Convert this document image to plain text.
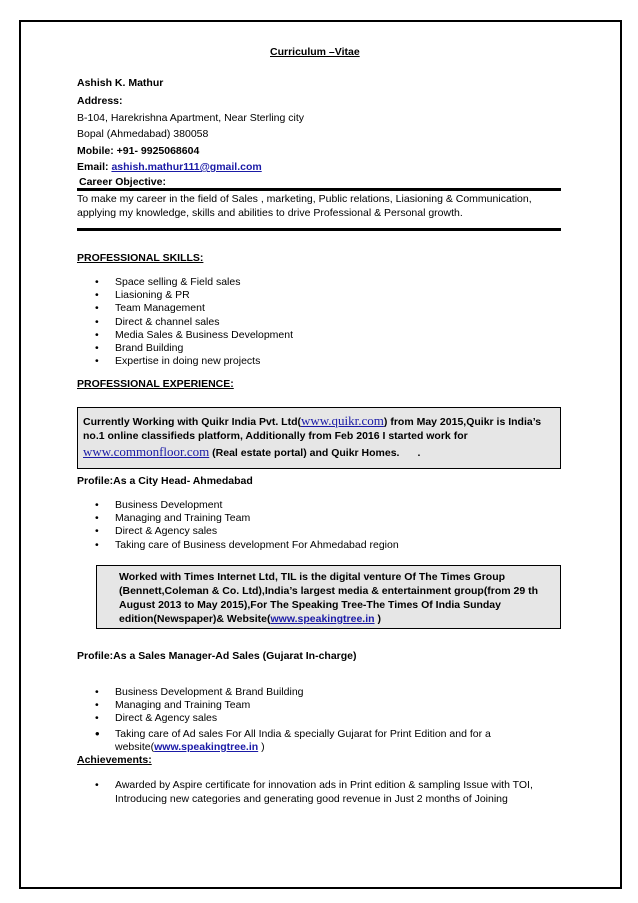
Curriculum –Vitae
Ashish K. Mathur
Address:
B-104, Harekrishna Apartment, Near Sterling city
Bopal (Ahmedabad) 380058
Mobile: +91- 9925068604
Email: ashish.mathur111@gmail.com
Career Objective:
To make my career in the field of Sales , marketing, Public relations, Liasioning & Communication,
applying my knowledge, skills and abilities to drive Professional & Personal growth.
PROFESSIONAL SKILLS:
• Space selling & Field sales
• Liasioning & PR
• Team Management
• Direct & channel sales
• Media Sales & Business Development
• Brand Building
• Expertise in doing new projects
PROFESSIONAL EXPERIENCE:
Currently Working with Quikr India Pvt. Ltd(www.quikr.com) from May 2015,Quikr is India’s
no.1 online classifieds platform, Additionally from Feb 2016 I started work for
www.commonfloor.com (Real estate portal) and Quikr Homes. .
Profile:As a City Head- Ahmedabad
• Business Development
• Managing and Training Team
• Direct & Agency sales
• Taking care of Business development For Ahmedabad region
Worked with Times Internet Ltd, TIL is the digital venture Of The Times Group
(Bennett,Coleman & Co. Ltd),India’s largest media & entertainment group(from 29 th
August 2013 to May 2015),For The Speaking Tree-The Times Of India Sunday
edition(Newspaper)& Website(www.speakingtree.in )
Profile:As a Sales Manager-Ad Sales (Gujarat In-charge)
• Business Development & Brand Building
• Managing and Training Team
• Direct & Agency sales
• Taking care of Ad sales For All India & specially Gujarat for Print Edition and for a
website(www.speakingtree.in )
Achievements:
• Awarded by Aspire certificate for innovation ads in Print edition & sampling Issue with TOI,
Introducing new categories and generating good revenue in Just 2 months of Joining
